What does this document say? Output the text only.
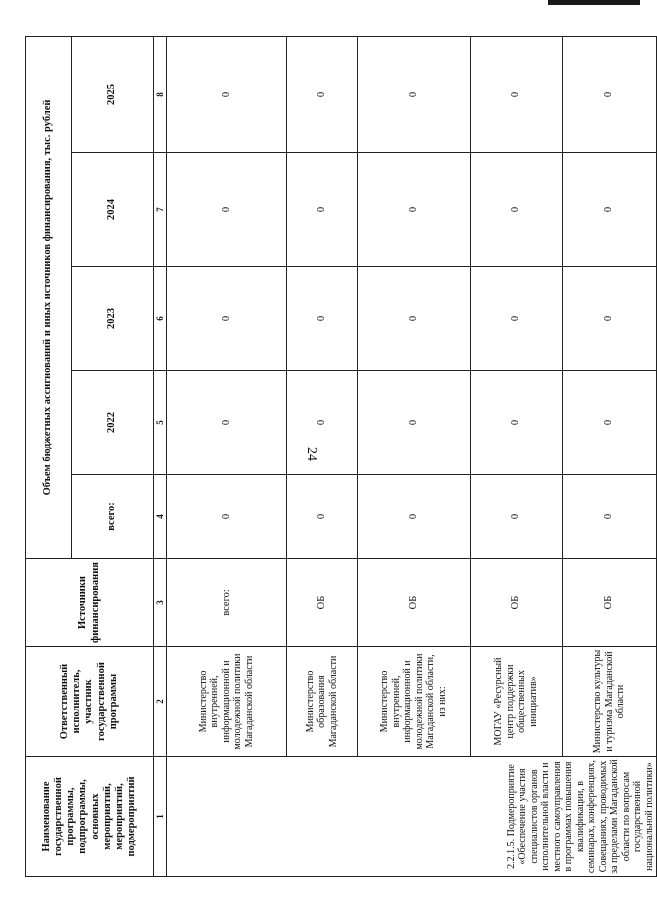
24
Наименование государственной программы, подпрограммы, основных мероприятий, мероприятий, подмероприятий	Ответственный исполнитель, участник государственной программы	Источники финансирования	Объем бюджетных ассигнований и иных источников финансирования, тыс. рублей				
			всего:	2022	2023	2024	2025
1	2	3	4	5	6	7	8
2.2.1.5. Подмероприятие «Обеспечение участия специалистов органов исполнительной власти и местного самоуправления в программах повышения квалификации, в семинарах, конференциях, Совещаниях, проводимых за пределами Магаданской области по вопросам государственной национальной политики»	Министерство внутренней, информационной и молодежной политики Магаданской области	всего:	0	0	0	0	0
	Министерство образования Магаданской области	ОБ	0	0	0	0	0
	Министерство внутренней, информационной и молодежной политики Магаданской области, из них:	ОБ	0	0	0	0	0
	МОГАУ «Ресурсный центр поддержки общественных инициатив»	ОБ	0	0	0	0	0
	Министерство культуры и туризма Магаданской области	ОБ	0	0	0	0	0
